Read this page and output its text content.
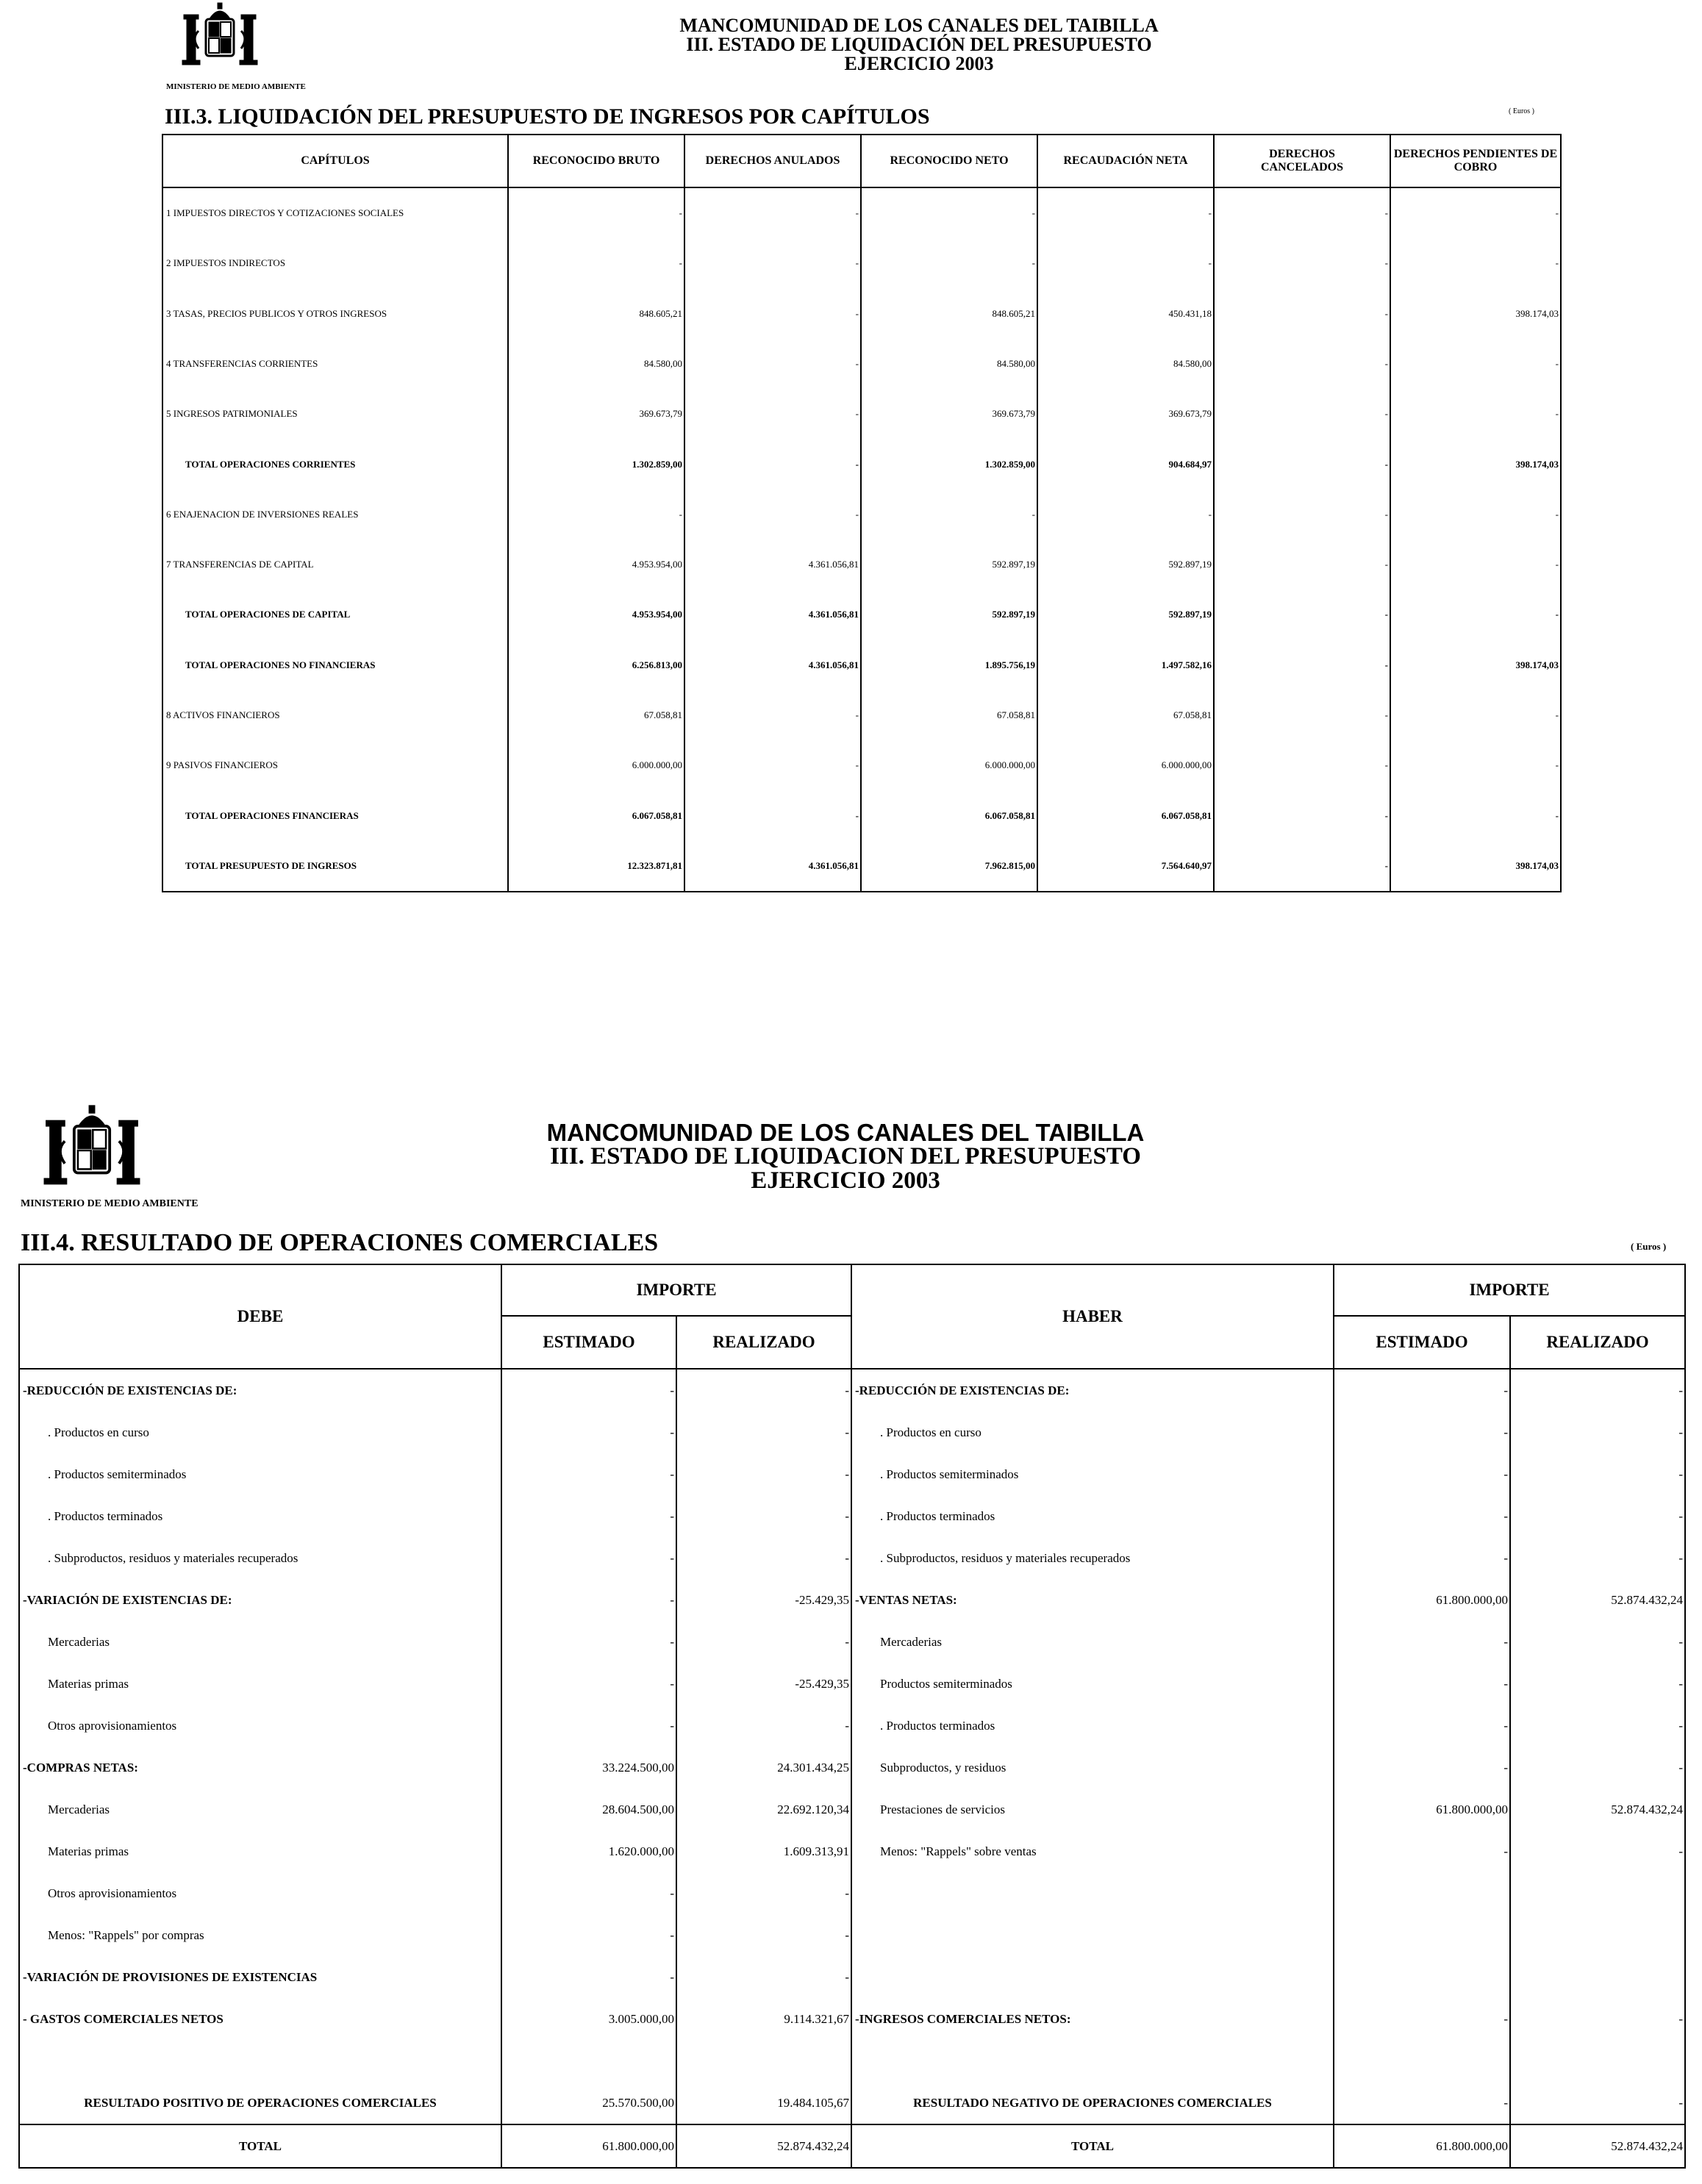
MINISTERIO DE MEDIO AMBIENTE
MANCOMUNIDAD DE LOS CANALES DEL TAIBILLA
III. ESTADO DE LIQUIDACIÓN DEL PRESUPUESTO
EJERCICIO 2003
III.3. LIQUIDACIÓN DEL PRESUPUESTO DE INGRESOS POR CAPÍTULOS	( Euros )
CAPÍTULOS	RECONOCIDO BRUTO	DERECHOS ANULADOS	RECONOCIDO NETO	RECAUDACIÓN NETA	DERECHOS CANCELADOS	DERECHOS PENDIENTES DE COBRO
1 IMPUESTOS DIRECTOS Y COTIZACIONES SOCIALES	-	-	-	-	-	-
2 IMPUESTOS INDIRECTOS	-	-	-	-	-	-
3 TASAS, PRECIOS PUBLICOS Y OTROS INGRESOS	848.605,21	-	848.605,21	450.431,18	-	398.174,03
4 TRANSFERENCIAS CORRIENTES	84.580,00	-	84.580,00	84.580,00	-	-
5 INGRESOS PATRIMONIALES	369.673,79	-	369.673,79	369.673,79	-	-
TOTAL OPERACIONES CORRIENTES	1.302.859,00	-	1.302.859,00	904.684,97	-	398.174,03
6 ENAJENACION DE INVERSIONES REALES	-	-	-	-	-	-
7 TRANSFERENCIAS DE CAPITAL	4.953.954,00	4.361.056,81	592.897,19	592.897,19	-	-
TOTAL OPERACIONES DE CAPITAL	4.953.954,00	4.361.056,81	592.897,19	592.897,19	-	-
TOTAL OPERACIONES NO FINANCIERAS	6.256.813,00	4.361.056,81	1.895.756,19	1.497.582,16	-	398.174,03
8 ACTIVOS FINANCIEROS	67.058,81	-	67.058,81	67.058,81	-	-
9 PASIVOS FINANCIEROS	6.000.000,00	-	6.000.000,00	6.000.000,00	-	-
TOTAL OPERACIONES FINANCIERAS	6.067.058,81	-	6.067.058,81	6.067.058,81	-	-
TOTAL PRESUPUESTO DE INGRESOS	12.323.871,81	4.361.056,81	7.962.815,00	7.564.640,97	-	398.174,03
MINISTERIO DE MEDIO AMBIENTE
MANCOMUNIDAD DE LOS CANALES DEL TAIBILLA
III. ESTADO DE LIQUIDACION DEL PRESUPUESTO
EJERCICIO 2003
III.4. RESULTADO DE OPERACIONES COMERCIALES	( Euros )
DEBE	IMPORTE		HABER	IMPORTE	
	ESTIMADO	REALIZADO		ESTIMADO	REALIZADO
-REDUCCIÓN DE EXISTENCIAS DE:	-	-	-REDUCCIÓN DE EXISTENCIAS DE:	-	-
. Productos en curso	-	-	. Productos en curso	-	-
. Productos semiterminados	-	-	. Productos semiterminados	-	-
. Productos terminados	-	-	. Productos terminados	-	-
. Subproductos, residuos y materiales recuperados	-	-	. Subproductos, residuos y materiales recuperados	-	-
-VARIACIÓN DE EXISTENCIAS DE:	-	-25.429,35	-VENTAS NETAS:	61.800.000,00	52.874.432,24
Mercaderias	-	-	Mercaderias	-	-
Materias primas	-	-25.429,35	Productos semiterminados	-	-
Otros aprovisionamientos	-	-	. Productos terminados	-	-
-COMPRAS NETAS:	33.224.500,00	24.301.434,25	Subproductos, y residuos	-	-
Mercaderias	28.604.500,00	22.692.120,34	Prestaciones de servicios	61.800.000,00	52.874.432,24
Materias primas	1.620.000,00	1.609.313,91	Menos: "Rappels" sobre ventas	-	-
Otros aprovisionamientos	-	-			
Menos: "Rappels" por compras	-	-			
-VARIACIÓN DE PROVISIONES DE EXISTENCIAS	-	-			
- GASTOS COMERCIALES NETOS	3.005.000,00	9.114.321,67	-INGRESOS COMERCIALES NETOS:	-	-

RESULTADO POSITIVO DE OPERACIONES COMERCIALES	25.570.500,00	19.484.105,67	RESULTADO NEGATIVO DE OPERACIONES COMERCIALES	-	-
TOTAL	61.800.000,00	52.874.432,24	TOTAL	61.800.000,00	52.874.432,24
